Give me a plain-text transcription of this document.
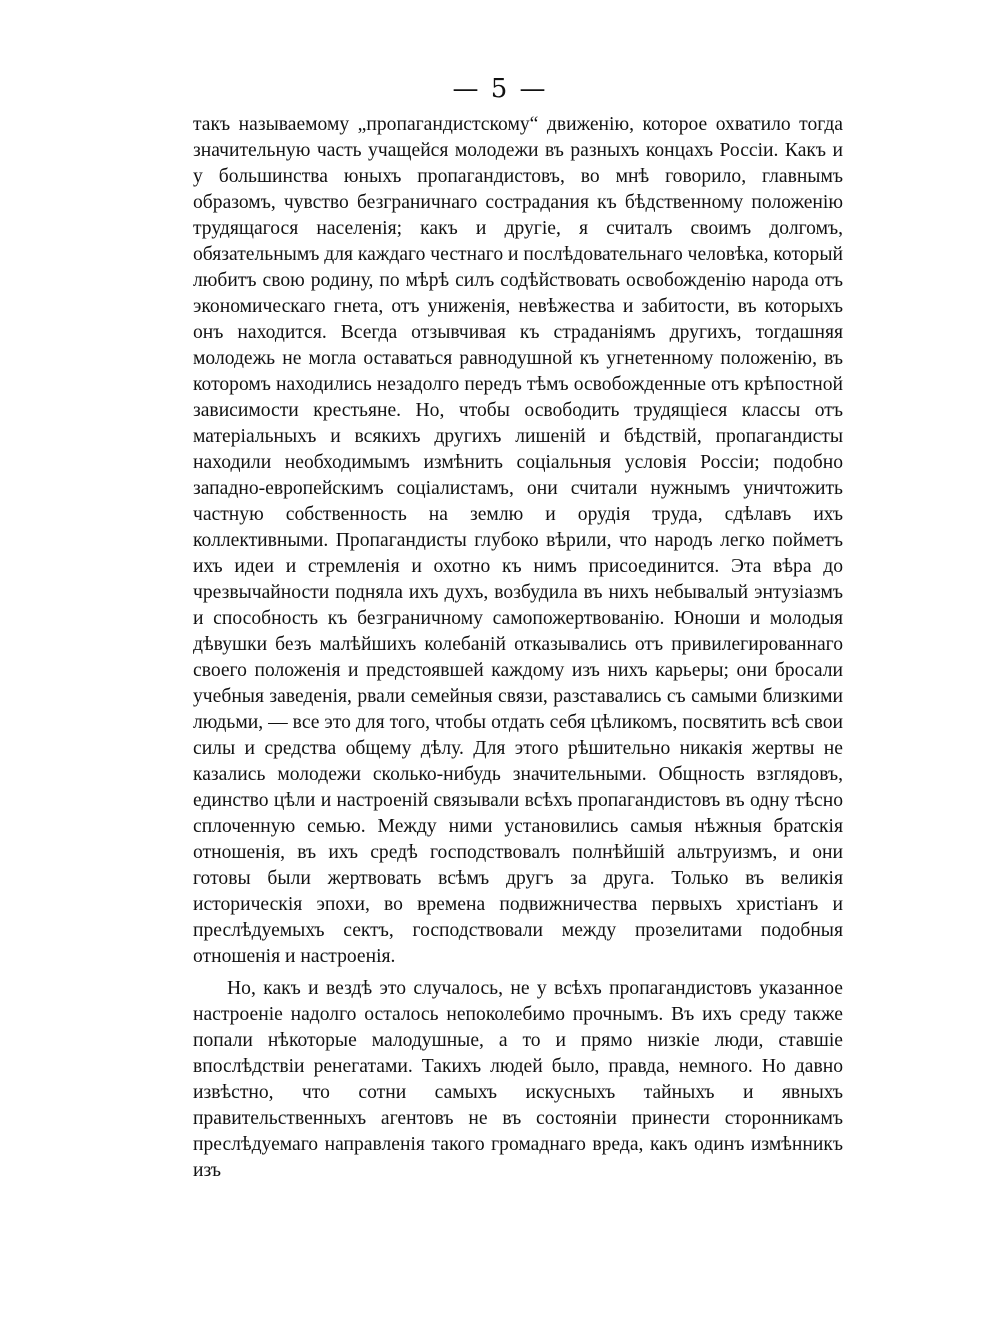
— 5 —

такъ называемому „пропагандистскому“ движенію, которое охватило тогда значительную часть учащейся молодежи въ разныхъ концахъ Россіи. Какъ и у большинства юныхъ пропагандистовъ, во мнѣ говорило, главнымъ образомъ, чувство безграничнаго сострадания къ бѣдственному положенію трудящагося населенія; какъ и другіе, я считалъ своимъ долгомъ, обязательнымъ для каждаго честнаго и послѣдовательнаго человѣка, который любитъ свою родину, по мѣрѣ силъ содѣйствовать освобожденію народа отъ экономическаго гнета, отъ униженія, невѣжества и забитости, въ которыхъ онъ находится. Всегда отзывчивая къ страданіямъ другихъ, тогдашняя молодежь не могла оставаться равнодушной къ угнетенному положенію, въ которомъ находились незадолго передъ тѣмъ освобожденные отъ крѣпостной зависимости крестьяне. Но, чтобы освободить трудящіеся классы отъ матеріальныхъ и всякихъ другихъ лишеній и бѣдствій, пропагандисты находили необходимымъ измѣнить соціальныя условія Россіи; подобно западно-европейскимъ соціалистамъ, они считали нужнымъ уничтожить частную собственность на землю и орудія труда, сдѣлавъ ихъ коллективными. Пропагандисты глубоко вѣрили, что народъ легко пойметъ ихъ идеи и стремленія и охотно къ нимъ присоединится. Эта вѣра до чрезвычайности подняла ихъ духъ, возбудила въ нихъ небывалый энтузіазмъ и способность къ безграничному самопожертвованію. Юноши и молодыя дѣвушки безъ малѣйшихъ колебаній отказывались отъ привилегированнаго своего положенія и предстоявшей каждому изъ нихъ карьеры; они бросали учебныя заведенія, рвали семейныя связи, разставались съ самыми близкими людьми, — все это для того, чтобы отдать себя цѣликомъ, посвятить всѣ свои силы и средства общему дѣлу. Для этого рѣшительно никакія жертвы не казались молодежи сколько-нибудь значительными. Общность взглядовъ, единство цѣли и настроеній связывали всѣхъ пропагандистовъ въ одну тѣсно сплоченную семью. Между ними установились самыя нѣжныя братскія отношенія, въ ихъ средѣ господствовалъ полнѣйшій альтруизмъ, и они готовы были жертвовать всѣмъ другъ за друга. Только въ великія историческія эпохи, во времена подвижничества первыхъ христіанъ и преслѣдуемыхъ сектъ, господствовали между прозелитами подобныя отношенія и настроенія.

Но, какъ и вездѣ это случалось, не у всѣхъ пропагандистовъ указанное настроеніе надолго осталось непоколебимо прочнымъ. Въ ихъ среду также попали нѣкоторые малодушные, а то и прямо низкіе люди, ставшіе впослѣдствіи ренегатами. Такихъ людей было, правда, немного. Но давно извѣстно, что сотни самыхъ искусныхъ тайныхъ и явныхъ правительственныхъ агентовъ не въ состояніи принести сторонникамъ преслѣдуемаго направленія такого громаднаго вреда, какъ одинъ измѣнникъ изъ
